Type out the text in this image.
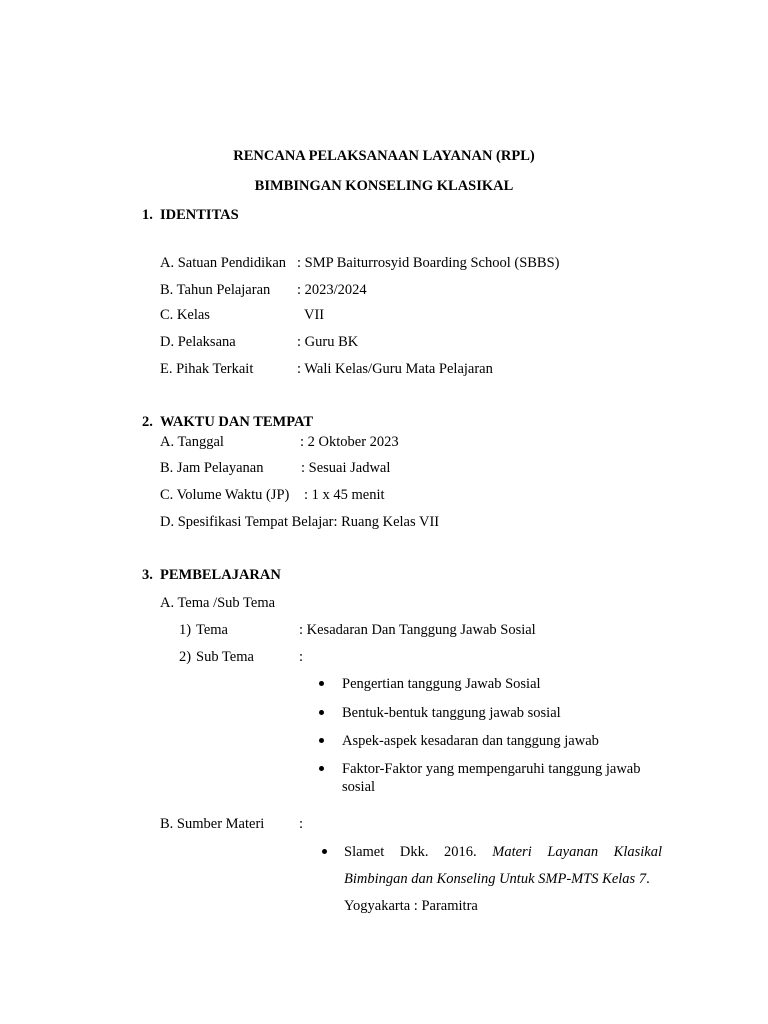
RENCANA PELAKSANAAN LAYANAN (RPL)
BIMBINGAN KONSELING KLASIKAL
1. IDENTITAS
A. Satuan Pendidikan : SMP Baiturrosyid Boarding School (SBBS)
B. Tahun Pelajaran : 2023/2024
C. Kelas	VII
D. Pelaksana	: Guru BK
E. Pihak Terkait	: Wali Kelas/Guru Mata Pelajaran
2. WAKTU DAN TEMPAT
A. Tanggal	: 2 Oktober 2023
B. Jam Pelayanan	: Sesuai Jadwal
C. Volume Waktu (JP) : 1 x 45 menit
D. Spesifikasi Tempat Belajar: Ruang Kelas VII
3. PEMBELAJARAN
A. Tema /Sub Tema
1) Tema	: Kesadaran Dan Tanggung Jawab Sosial
2) Sub Tema	:
Pengertian tanggung Jawab Sosial
Bentuk-bentuk tanggung jawab sosial
Aspek-aspek kesadaran dan tanggung jawab
Faktor-Faktor yang mempengaruhi tanggung jawab
sosial
B. Sumber Materi :
Slamet Dkk. 2016. Materi Layanan Klasikal
Bimbingan dan Konseling Untuk SMP-MTS Kelas 7.
Yogyakarta : Paramitra
